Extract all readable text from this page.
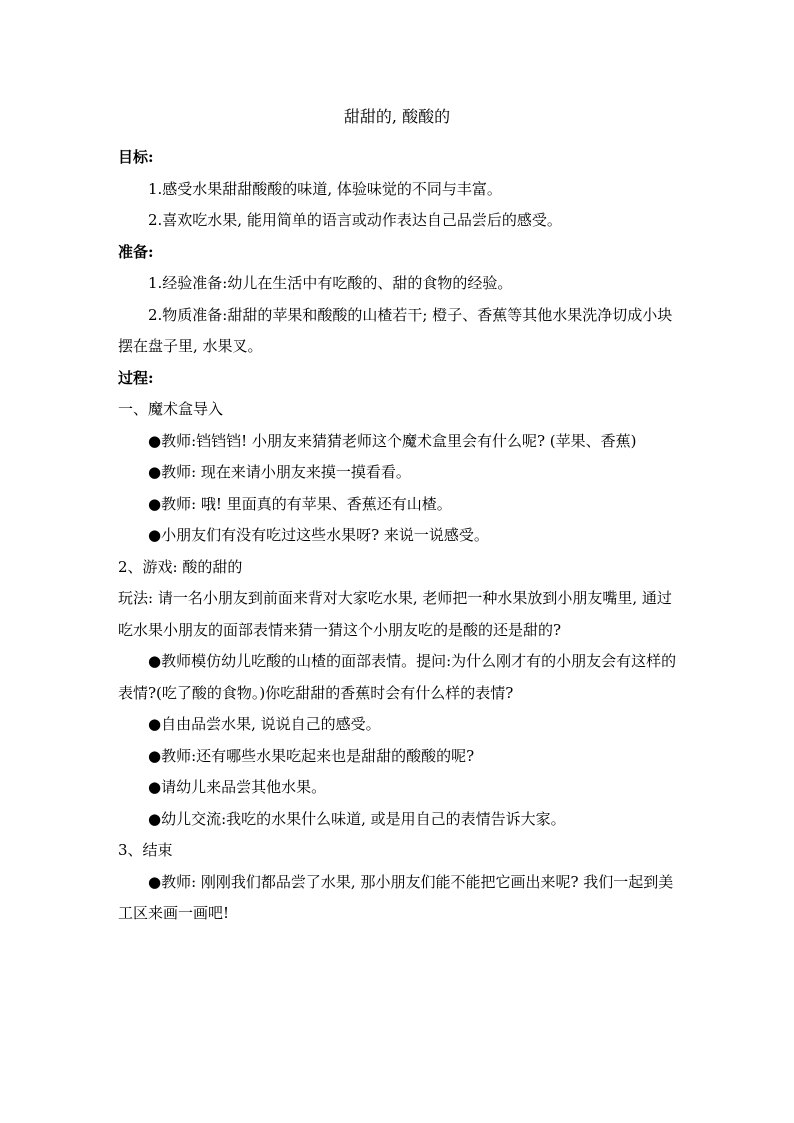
甜甜的, 酸酸的

目标:

1.感受水果甜甜酸酸的味道, 体验味觉的不同与丰富。

2.喜欢吃水果, 能用简单的语言或动作表达自己品尝后的感受。

准备:

1.经验准备:幼儿在生活中有吃酸的、甜的食物的经验。

2.物质准备:甜甜的苹果和酸酸的山楂若干; 橙子、香蕉等其他水果洗净切成小块摆在盘子里, 水果叉。

过程:

一、魔术盒导入

●教师:铛铛铛! 小朋友来猜猜老师这个魔术盒里会有什么呢? (苹果、香蕉)

●教师: 现在来请小朋友来摸一摸看看。

●教师: 哦! 里面真的有苹果、香蕉还有山楂。

●小朋友们有没有吃过这些水果呀? 来说一说感受。

2、游戏: 酸的甜的

玩法: 请一名小朋友到前面来背对大家吃水果, 老师把一种水果放到小朋友嘴里, 通过吃水果小朋友的面部表情来猜一猜这个小朋友吃的是酸的还是甜的?

●教师模仿幼儿吃酸的山楂的面部表情。提问:为什么刚才有的小朋友会有这样的表情?(吃了酸的食物。)你吃甜甜的香蕉时会有什么样的表情?

●自由品尝水果, 说说自己的感受。

●教师:还有哪些水果吃起来也是甜甜的酸酸的呢?

●请幼儿来品尝其他水果。

●幼儿交流:我吃的水果什么味道, 或是用自己的表情告诉大家。

3、结束

●教师: 刚刚我们都品尝了水果, 那小朋友们能不能把它画出来呢? 我们一起到美工区来画一画吧!
